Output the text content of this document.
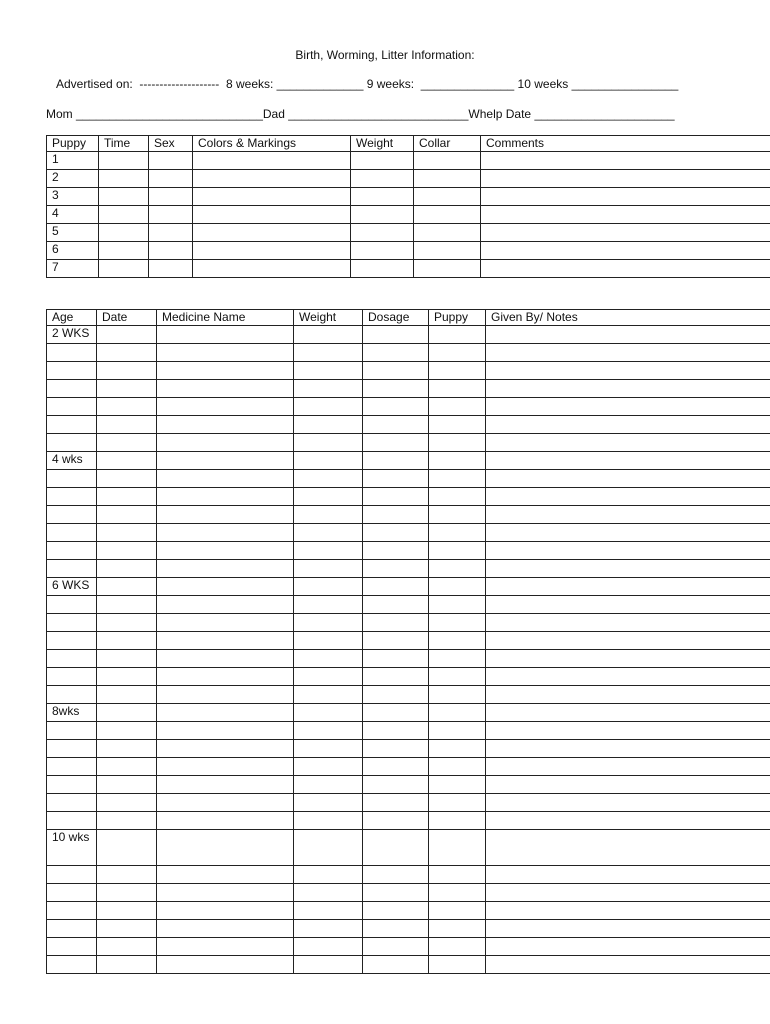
Birth, Worming, Litter Information:
Advertised on:  --------------------  8 weeks: _____________ 9 weeks:  ______________ 10 weeks ________________
Mom ____________________________Dad ___________________________Whelp Date _____________________
Puppy	Time	Sex	Colors & Markings	Weight	Collar	Comments
1						
2						
3						
4						
5						
6						
7						
Age	Date	Medicine Name	Weight	Dosage	Puppy	Given By/ Notes
2 WKS						

4 wks						

6 WKS						

8wks						

10 wks						
